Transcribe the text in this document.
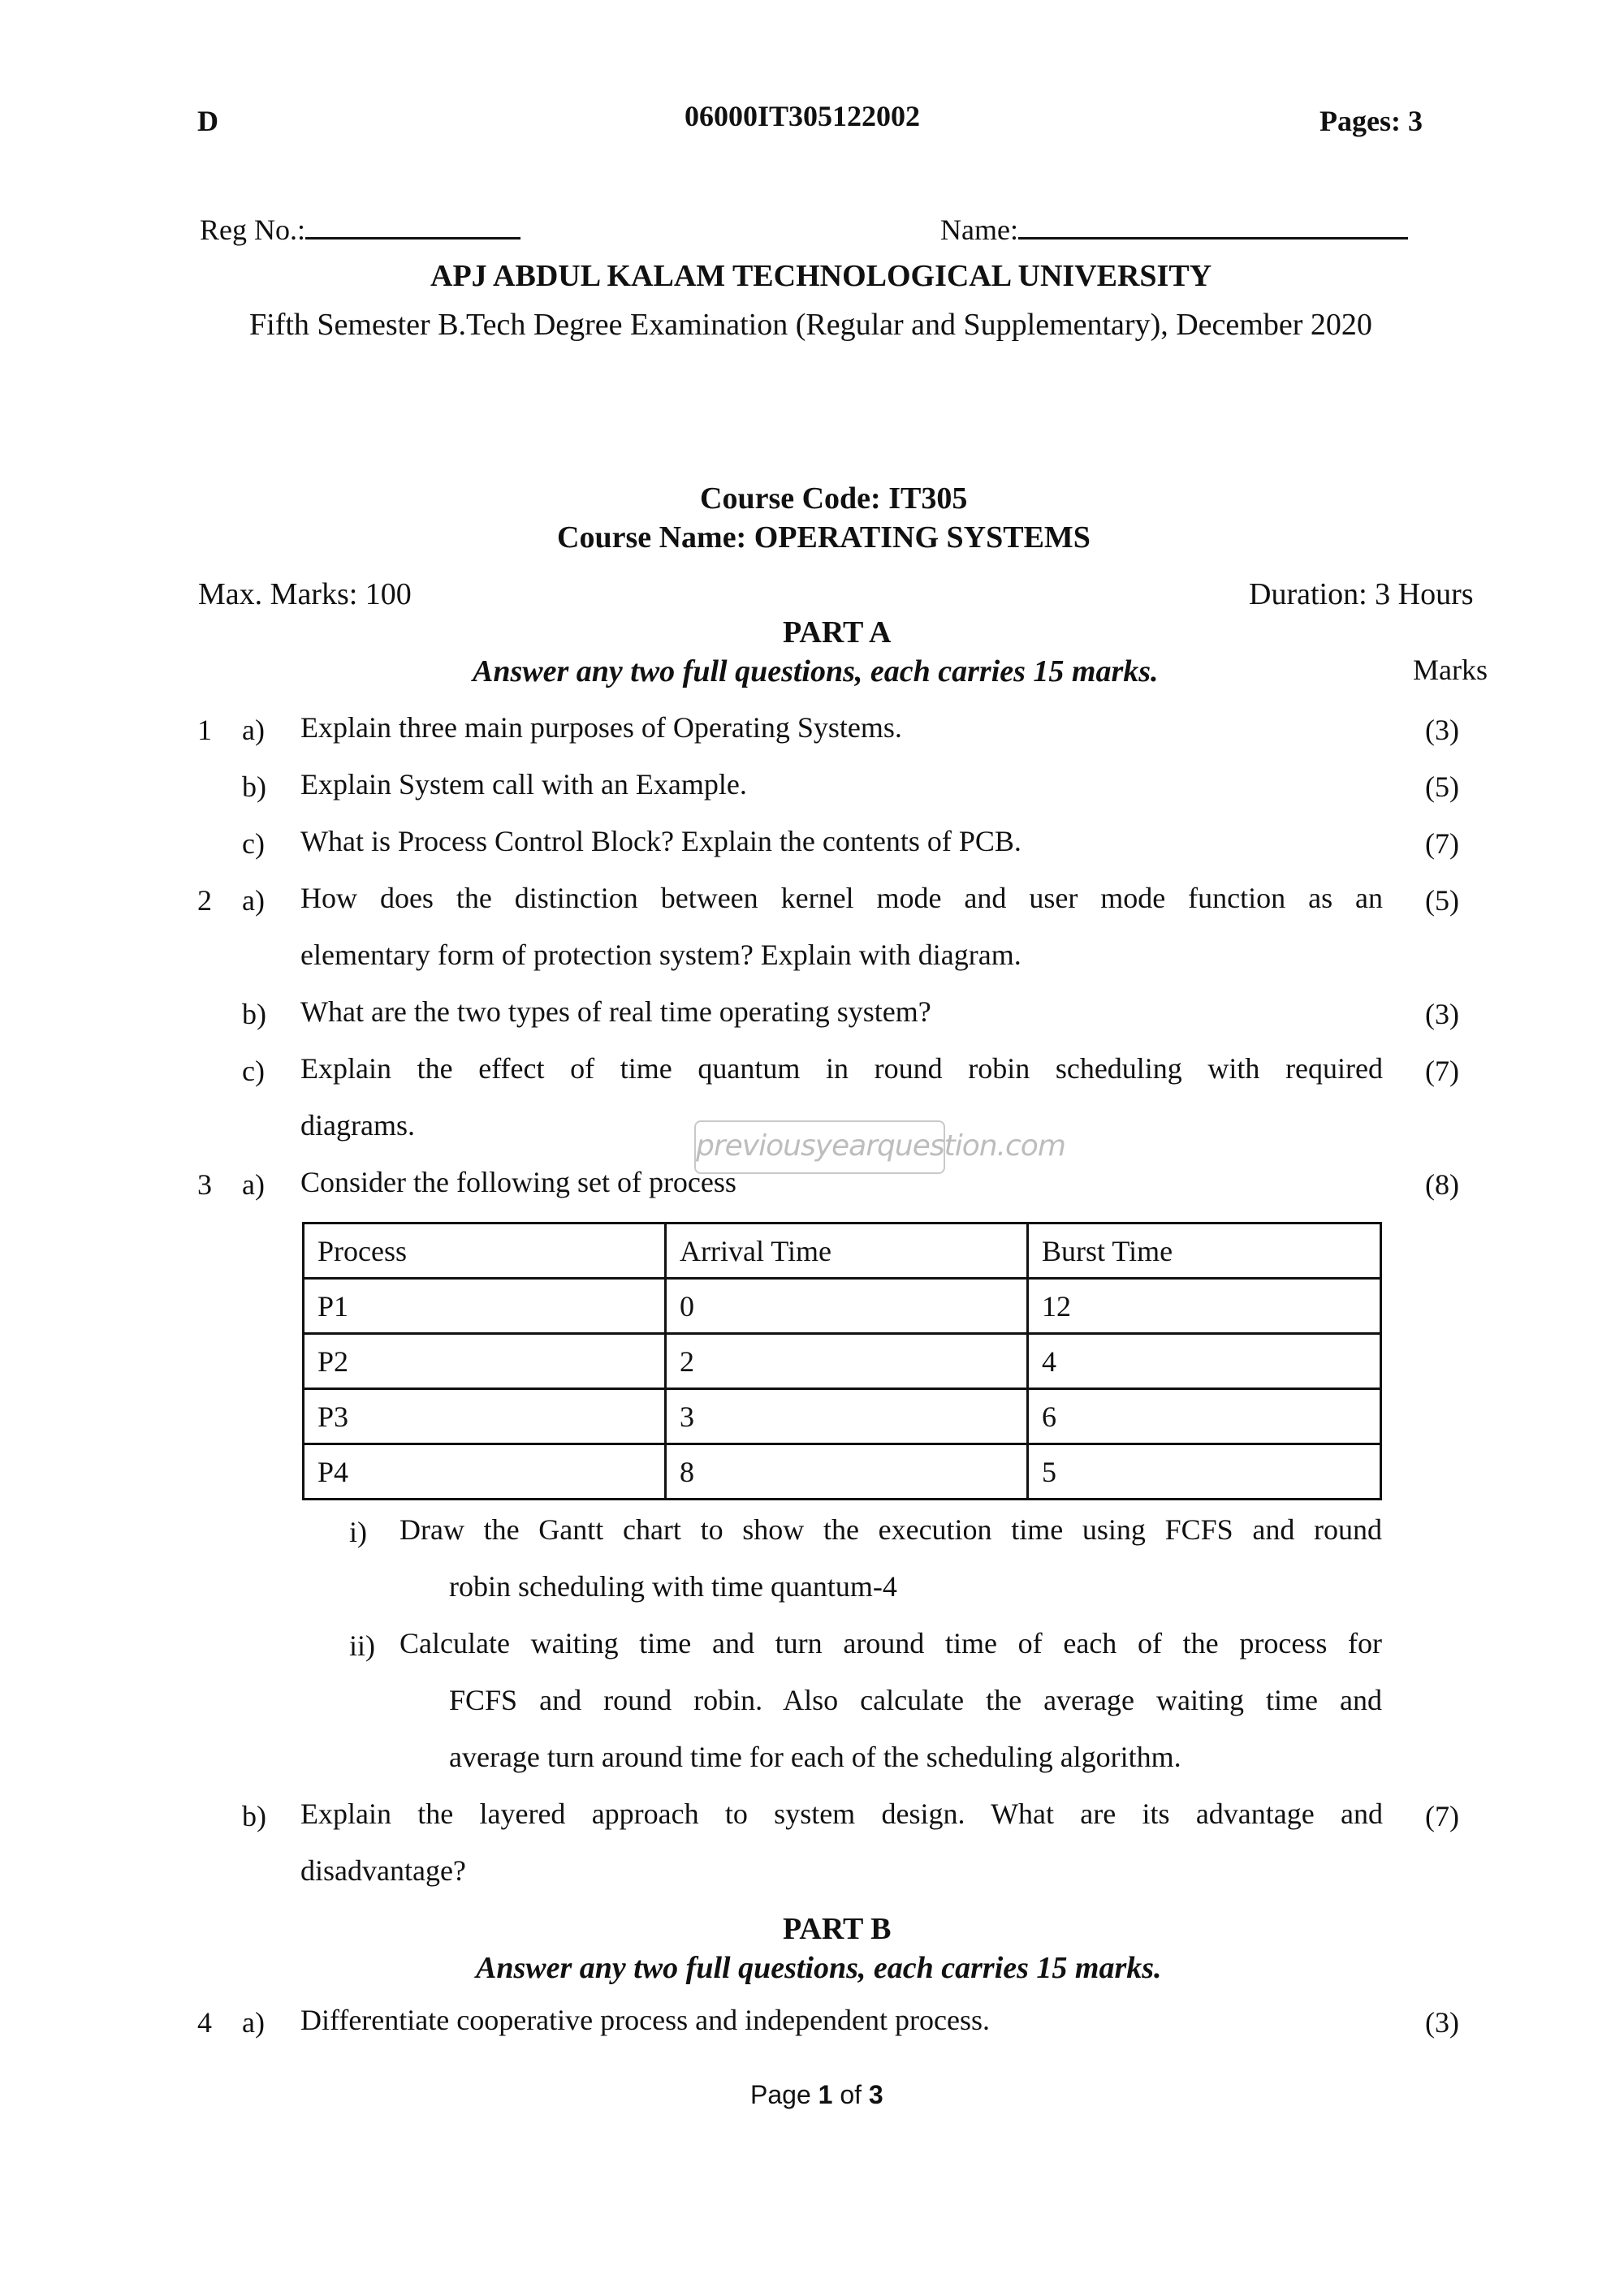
D	06000IT305122002	Pages: 3
Reg No.:	Name:
APJ ABDUL KALAM TECHNOLOGICAL UNIVERSITY
Fifth Semester B.Tech Degree Examination (Regular and Supplementary), December 2020
Course Code: IT305
Course Name: OPERATING SYSTEMS
Max. Marks: 100	Duration: 3 Hours
PART A
Answer any two full questions, each carries 15 marks.	Marks
1 a) Explain three main purposes of Operating Systems.	(3)
b) Explain System call with an Example.	(5)
c) What is Process Control Block? Explain the contents of PCB.	(7)
2 a) How does the distinction between kernel mode and user mode function as an
elementary form of protection system? Explain with diagram.
(5)
b) What are the two types of real time operating system?	(3)
c) Explain the effect of time quantum in round robin scheduling with required
diagrams.
(7)
previousyearquestion.com
3 a) Consider the following set of process	(8)
Process	Arrival Time	Burst Time
P1	0	12
P2	2	4
P3	3	6
P4	8	5
i) Draw the Gantt chart to show the execution time using FCFS and round
robin scheduling with time quantum-4
ii) Calculate waiting time and turn around time of each of the process for
FCFS and round robin. Also calculate the average waiting time and
average turn around time for each of the scheduling algorithm.
b) Explain the layered approach to system design. What are its advantage and
disadvantage?
(7)
PART B
Answer any two full questions, each carries 15 marks.
4 a) Differentiate cooperative process and independent process.	(3)
Page 1 of 3
